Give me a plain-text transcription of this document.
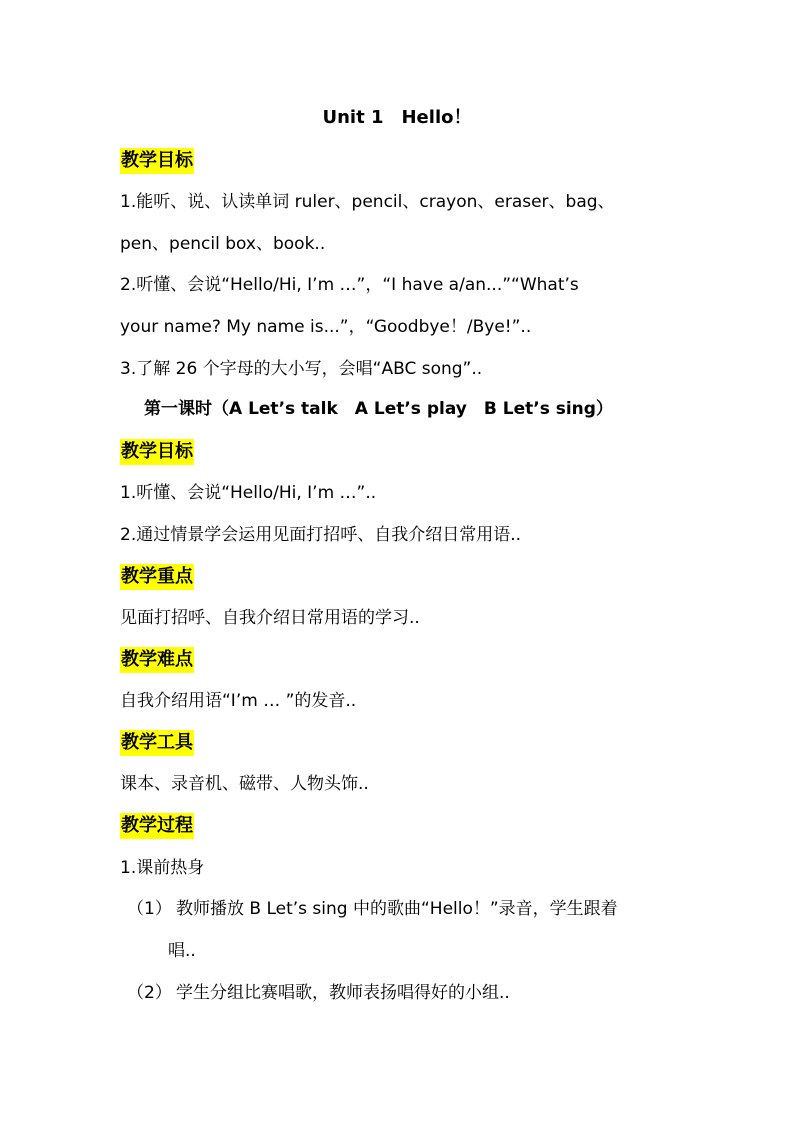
Unit 1　Hello！
教学目标
1.能听、说、认读单词 ruler、pencil、crayon、eraser、bag、
pen、pencil box、book..
2.听懂、会说“Hello/Hi, I’m …”，“I have a/an...”“What’s
your name? My name is...”，“Goodbye！/Bye!”..
3.了解 26 个字母的大小写，会唱“ABC song”..
第一课时（A Let’s talk　A Let’s play　B Let’s sing）
教学目标
1.听懂、会说“Hello/Hi, I’m …”..
2.通过情景学会运用见面打招呼、自我介绍日常用语..
教学重点
见面打招呼、自我介绍日常用语的学习..
教学难点
自我介绍用语“I’m … ”的发音..
教学工具
课本、录音机、磁带、人物头饰..
教学过程
1.课前热身
（1） 教师播放 B Let’s sing 中的歌曲“Hello！”录音，学生跟着
唱..
（2） 学生分组比赛唱歌，教师表扬唱得好的小组..
